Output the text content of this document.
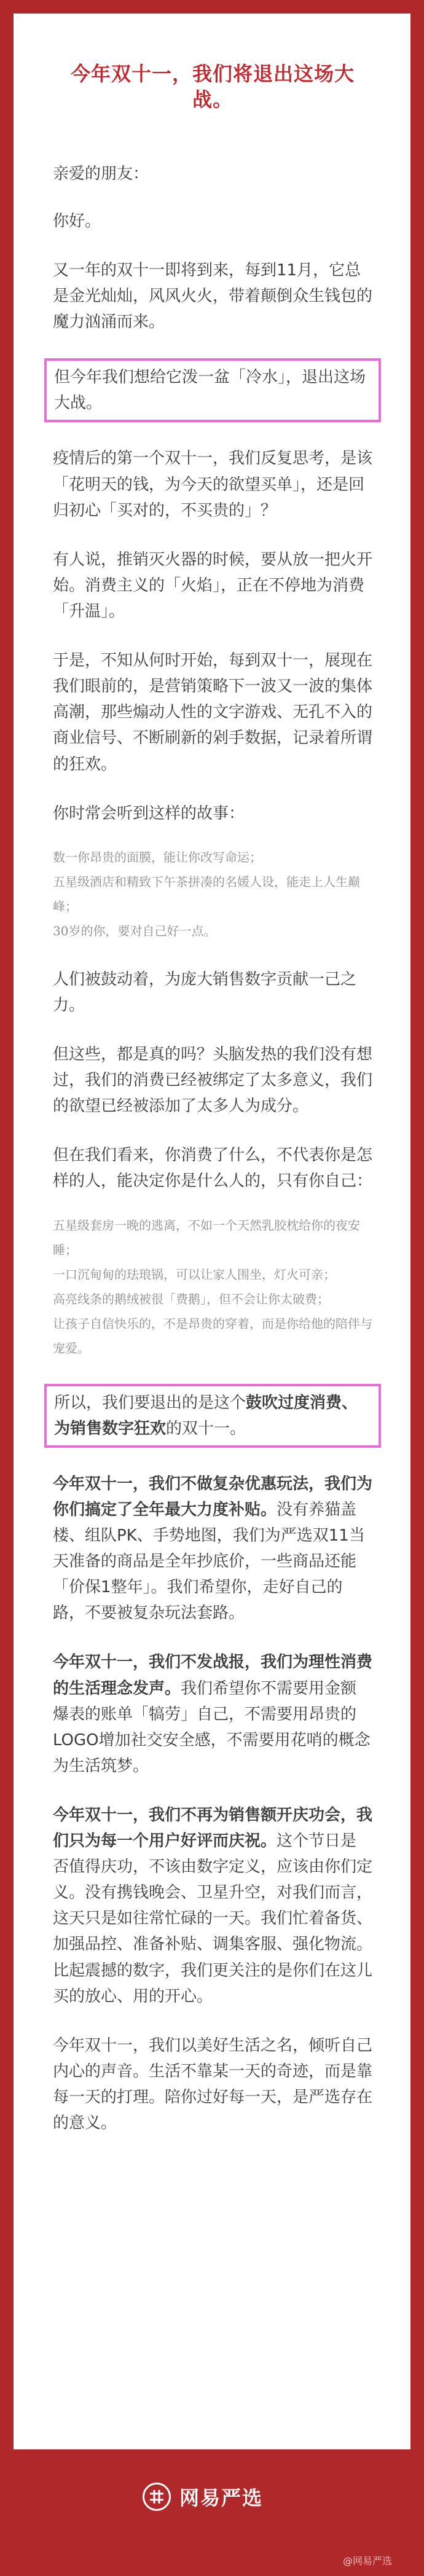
今年双十一，我们将退出这场大战。
亲爱的朋友：
你好。
又一年的双十一即将到来，每到11月，它总是金光灿灿，风风火火，带着颠倒众生钱包的魔力汹涌而来。
但今年我们想给它泼一盆「冷水」，退出这场大战。
疫情后的第一个双十一，我们反复思考，是该「花明天的钱，为今天的欲望买单」，还是回归初心「买对的，不买贵的」？
有人说，推销灭火器的时候，要从放一把火开始。消费主义的「火焰」，正在不停地为消费「升温」。
于是，不知从何时开始，每到双十一，展现在我们眼前的，是营销策略下一波又一波的集体高潮，那些煽动人性的文字游戏、无孔不入的商业信号、不断刷新的剁手数据，记录着所谓的狂欢。
你时常会听到这样的故事：

数一你昂贵的面膜，能让你改写命运；

五星级酒店和精致下午茶拼凑的名媛人设，能走上人生巅峰；

30岁的你，要对自己好一点。

人们被鼓动着，为庞大销售数字贡献一己之力。
但这些，都是真的吗？头脑发热的我们没有想过，我们的消费已经被绑定了太多意义，我们的欲望已经被添加了太多人为成分。
但在我们看来，你消费了什么，不代表你是怎样的人，能决定你是什么人的，只有你自己：

五星级套房一晚的逃离，不如一个天然乳胶枕给你的夜安睡；

一口沉甸甸的珐琅锅，可以让家人围坐，灯火可亲；

高亮线条的鹅绒被很「费鹅」，但不会让你太破费；

让孩子自信快乐的，不是昂贵的穿着，而是你给他的陪伴与宠爱。

所以，我们要退出的是这个鼓吹过度消费、为销售数字狂欢的双十一。
今年双十一，我们不做复杂优惠玩法，我们为你们搞定了全年最大力度补贴。没有养猫盖楼、组队PK、手势地图，我们为严选双11当天准备的商品是全年抄底价，一些商品还能「价保1整年」。我们希望你，走好自己的路，不要被复杂玩法套路。
今年双十一，我们不发战报，我们为理性消费的生活理念发声。我们希望你不需要用金额爆表的账单「犒劳」自己，不需要用昂贵的LOGO增加社交安全感，不需要用花哨的概念为生活筑梦。
今年双十一，我们不再为销售额开庆功会，我们只为每一个用户好评而庆祝。这个节日是否值得庆功，不该由数字定义，应该由你们定义。没有携钱晚会、卫星升空，对我们而言，这天只是如往常忙碌的一天。我们忙着备货、加强品控、准备补贴、调集客服、强化物流。比起震撼的数字，我们更关注的是你们在这儿买的放心、用的开心。
今年双十一，我们以美好生活之名，倾听自己内心的声音。生活不靠某一天的奇迹，而是靠每一天的打理。陪你过好每一天，是严选存在的意义。
网易严选
@网易严选
